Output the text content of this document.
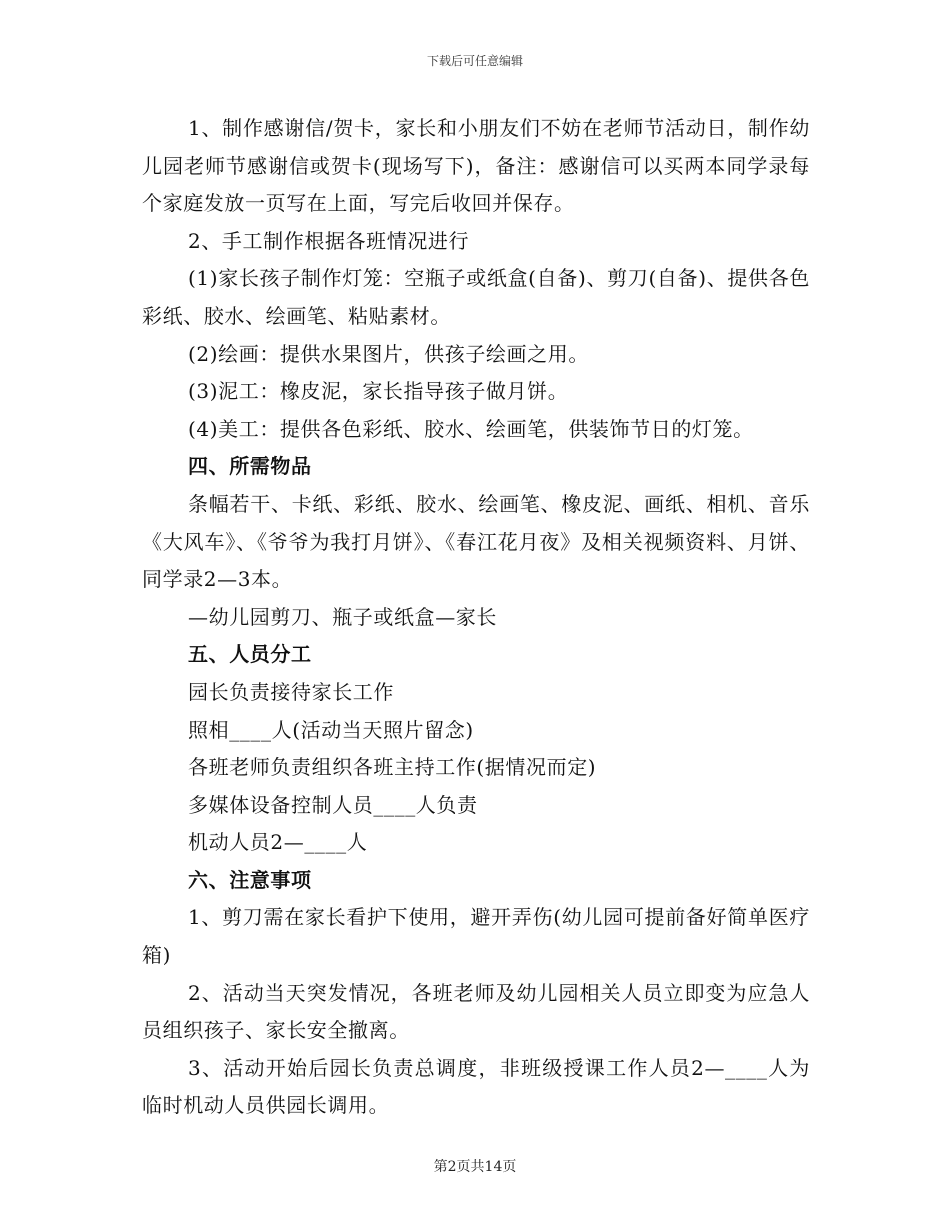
下载后可任意编辑

1、制作感谢信/贺卡，家长和小朋友们不妨在老师节活动日，制作幼儿园老师节感谢信或贺卡(现场写下)，备注：感谢信可以买两本同学录每个家庭发放一页写在上面，写完后收回并保存。

2、手工制作根据各班情况进行

(1)家长孩子制作灯笼：空瓶子或纸盒(自备)、剪刀(自备)、提供各色彩纸、胶水、绘画笔、粘贴素材。

(2)绘画：提供水果图片，供孩子绘画之用。

(3)泥工：橡皮泥，家长指导孩子做月饼。

(4)美工：提供各色彩纸、胶水、绘画笔，供装饰节日的灯笼。

四、所需物品

条幅若干、卡纸、彩纸、胶水、绘画笔、橡皮泥、画纸、相机、音乐《大风车》、《爷爷为我打月饼》、《春江花月夜》及相关视频资料、月饼、同学录2—3本。

—幼儿园剪刀、瓶子或纸盒—家长

五、人员分工

园长负责接待家长工作

照相____人(活动当天照片留念)

各班老师负责组织各班主持工作(据情况而定)

多媒体设备控制人员____人负责

机动人员2—____人

六、注意事项

1、剪刀需在家长看护下使用，避开弄伤(幼儿园可提前备好简单医疗箱)

2、活动当天突发情况，各班老师及幼儿园相关人员立即变为应急人员组织孩子、家长安全撤离。

3、活动开始后园长负责总调度，非班级授课工作人员2—____人为临时机动人员供园长调用。

第2页共14页
